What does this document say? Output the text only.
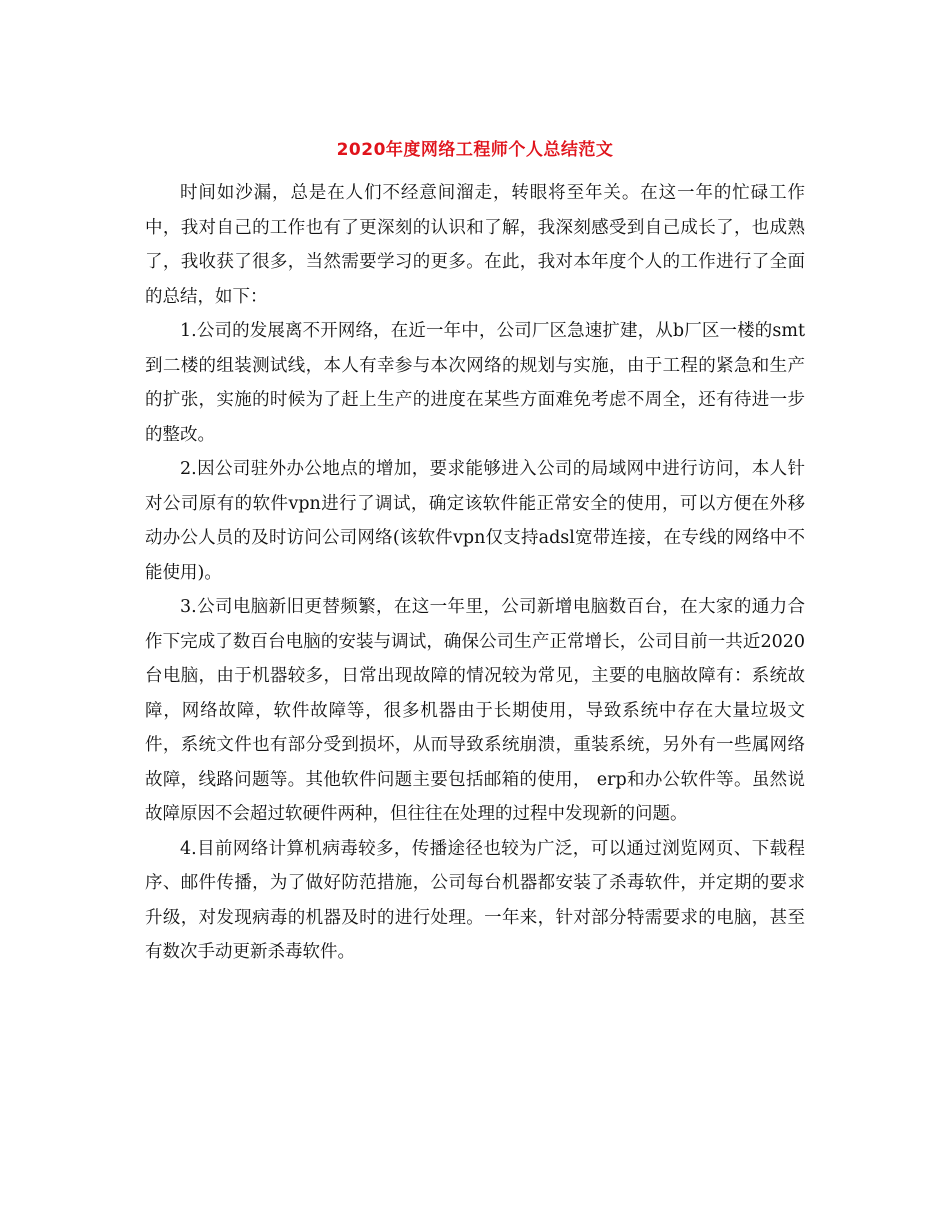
2020年度网络工程师个人总结范文

时间如沙漏，总是在人们不经意间溜走，转眼将至年关。在这一年的忙碌工作中，我对自己的工作也有了更深刻的认识和了解，我深刻感受到自己成长了，也成熟了，我收获了很多，当然需要学习的更多。在此，我对本年度个人的工作进行了全面的总结，如下：

1.公司的发展离不开网络，在近一年中，公司厂区急速扩建，从b厂区一楼的smt到二楼的组装测试线，本人有幸参与本次网络的规划与实施，由于工程的紧急和生产的扩张，实施的时候为了赶上生产的进度在某些方面难免考虑不周全，还有待进一步的整改。

2.因公司驻外办公地点的增加，要求能够进入公司的局域网中进行访问，本人针对公司原有的软件vpn进行了调试，确定该软件能正常安全的使用，可以方便在外移动办公人员的及时访问公司网络(该软件vpn仅支持adsl宽带连接，在专线的网络中不能使用)。

3.公司电脑新旧更替频繁，在这一年里，公司新增电脑数百台，在大家的通力合作下完成了数百台电脑的安装与调试，确保公司生产正常增长，公司目前一共近2020台电脑，由于机器较多，日常出现故障的情况较为常见，主要的电脑故障有：系统故障，网络故障，软件故障等，很多机器由于长期使用，导致系统中存在大量垃圾文件，系统文件也有部分受到损坏，从而导致系统崩溃，重装系统，另外有一些属网络故障，线路问题等。其他软件问题主要包括邮箱的使用， erp和办公软件等。虽然说故障原因不会超过软硬件两种，但往往在处理的过程中发现新的问题。

4.目前网络计算机病毒较多，传播途径也较为广泛，可以通过浏览网页、下载程序、邮件传播，为了做好防范措施，公司每台机器都安装了杀毒软件，并定期的要求升级，对发现病毒的机器及时的进行处理。一年来，针对部分特需要求的电脑，甚至有数次手动更新杀毒软件。
